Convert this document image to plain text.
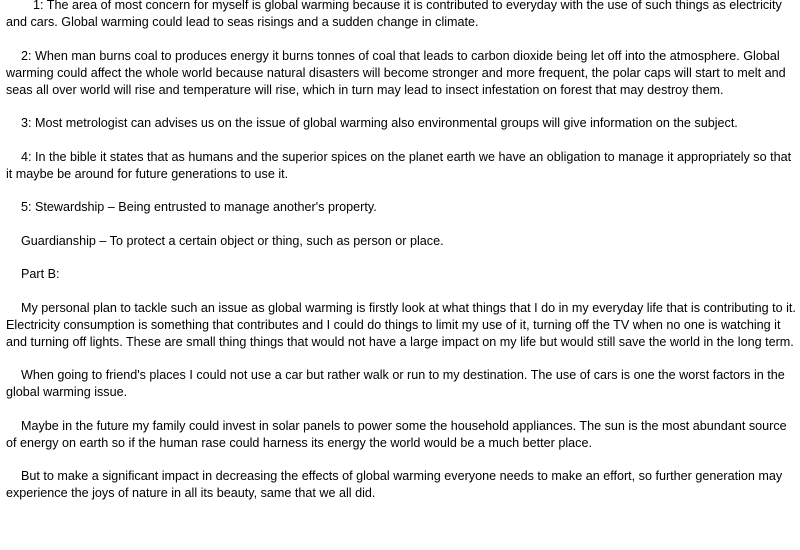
1: The area of most concern for myself is global warming because it is contributed to everyday with the use of such things as electricity and cars. Global warming could lead to seas risings and a sudden change in climate.

2: When man burns coal to produces energy it burns tonnes of coal that leads to carbon dioxide being let off into the atmosphere. Global warming could affect the whole world because natural disasters will become stronger and more frequent, the polar caps will start to melt and seas all over world will rise and temperature will rise, which in turn may lead to insect infestation on forest that may destroy them.

3: Most metrologist can advises us on the issue of global warming also environmental groups will give information on the subject.

4: In the bible it states that as humans and the superior spices on the planet earth we have an obligation to manage it appropriately so that it maybe be around for future generations to use it.

5: Stewardship – Being entrusted to manage another's property.

Guardianship – To protect a certain object or thing, such as person or place.

Part B:

My personal plan to tackle such an issue as global warming is firstly look at what things that I do in my everyday life that is contributing to it. Electricity consumption is something that contributes and I could do things to limit my use of it, turning off the TV when no one is watching it and turning off lights. These are small thing things that would not have a large impact on my life but would still save the world in the long term.

When going to friend's places I could not use a car but rather walk or run to my destination. The use of cars is one the worst factors in the global warming issue.

Maybe in the future my family could invest in solar panels to power some the household appliances. The sun is the most abundant source of energy on earth so if the human rase could harness its energy the world would be a much better place.

But to make a significant impact in decreasing the effects of global warming everyone needs to make an effort, so further generation may experience the joys of nature in all its beauty, same that we all did.
